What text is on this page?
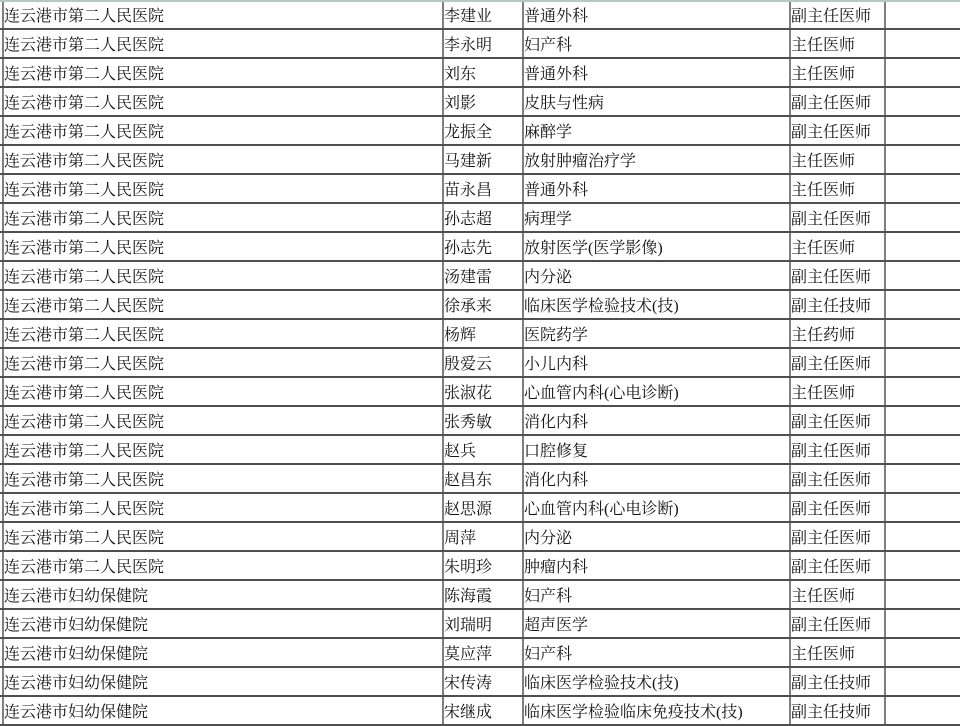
	连云港市第二人民医院	李建业	普通外科	副主任医师	
	连云港市第二人民医院	李永明	妇产科	主任医师	
	连云港市第二人民医院	刘东	普通外科	主任医师	
	连云港市第二人民医院	刘影	皮肤与性病	副主任医师	
	连云港市第二人民医院	龙振全	麻醉学	副主任医师	
	连云港市第二人民医院	马建新	放射肿瘤治疗学	主任医师	
	连云港市第二人民医院	苗永昌	普通外科	主任医师	
	连云港市第二人民医院	孙志超	病理学	副主任医师	
	连云港市第二人民医院	孙志先	放射医学(医学影像)	主任医师	
	连云港市第二人民医院	汤建雷	内分泌	副主任医师	
	连云港市第二人民医院	徐承来	临床医学检验技术(技)	副主任技师	
	连云港市第二人民医院	杨辉	医院药学	主任药师	
	连云港市第二人民医院	殷爱云	小儿内科	副主任医师	
	连云港市第二人民医院	张淑花	心血管内科(心电诊断)	主任医师	
	连云港市第二人民医院	张秀敏	消化内科	副主任医师	
	连云港市第二人民医院	赵兵	口腔修复	副主任医师	
	连云港市第二人民医院	赵昌东	消化内科	副主任医师	
	连云港市第二人民医院	赵思源	心血管内科(心电诊断)	副主任医师	
	连云港市第二人民医院	周萍	内分泌	副主任医师	
	连云港市第二人民医院	朱明珍	肿瘤内科	副主任医师	
	连云港市妇幼保健院	陈海霞	妇产科	主任医师	
	连云港市妇幼保健院	刘瑞明	超声医学	副主任医师	
	连云港市妇幼保健院	莫应萍	妇产科	主任医师	
	连云港市妇幼保健院	宋传涛	临床医学检验技术(技)	副主任技师	
	连云港市妇幼保健院	宋继成	临床医学检验临床免疫技术(技)	副主任技师	
